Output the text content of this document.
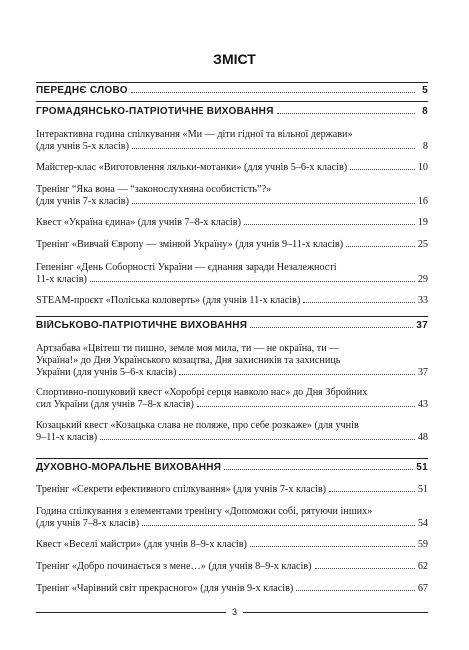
ЗМІСТ
ПЕРЕДНЄ СЛОВО	5
ГРОМАДЯНСЬКО-ПАТРІОТИЧНЕ ВИХОВАННЯ	8
Інтерактивна година спілкування «Ми — діти гідної та вільної держави»
(для учнів 5-х класів)	8
Майстер-клас «Виготовлення ляльки-мотанки» (для учнів 5–6-х класів)	10
Тренінг “Яка вона — “законослухняна особистість”?»
(для учнів 7-х класів)	16
Квест «Україна єдина» (для учнів 7–8-х класів)	19
Тренінг «Вивчай Європу — змінюй Україну» (для учнів 9–11-х класів)	25
Гепенінг «День Соборності України — єднання заради Незалежності
11-х класів)	29
STEAM-проєкт «Поліська коловерть» (для учнів 11-х класів)	33
ВІЙСЬКОВО-ПАТРІОТИЧНЕ ВИХОВАННЯ	37
Артзабава «Цвітеш ти пишно, земле моя мила, ти — не окраїна, ти —
Україна!» до Дня Українського козацтва, Дня захисників та захисниць
України (для учнів 5–6-х класів)	37
Спортивно-пошуковий квест «Хоробрі серця навколо нас» до Дня Збройних
сил України (для учнів 7–8-х класів)	43
Козацький квест «Козацька слава не поляже, про себе розкаже» (для учнів
9–11-х класів)	48
ДУХОВНО-МОРАЛЬНЕ ВИХОВАННЯ	51
Тренінг «Секрети ефективного спілкування» (для учнів 7-х класів)	51
Година спілкування з елементами тренінгу «Допоможи собі, рятуючи інших»
(для учнів 7–8-х класів)	54
Квест «Веселі майстри» (для учнів 8–9-х класів)	59
Тренінг «Добро починається з мене…» (для учнів 8–9-х класів)	62
Тренінг «Чарівний світ прекрасного» (для учнів 9-х класів)	67
3
